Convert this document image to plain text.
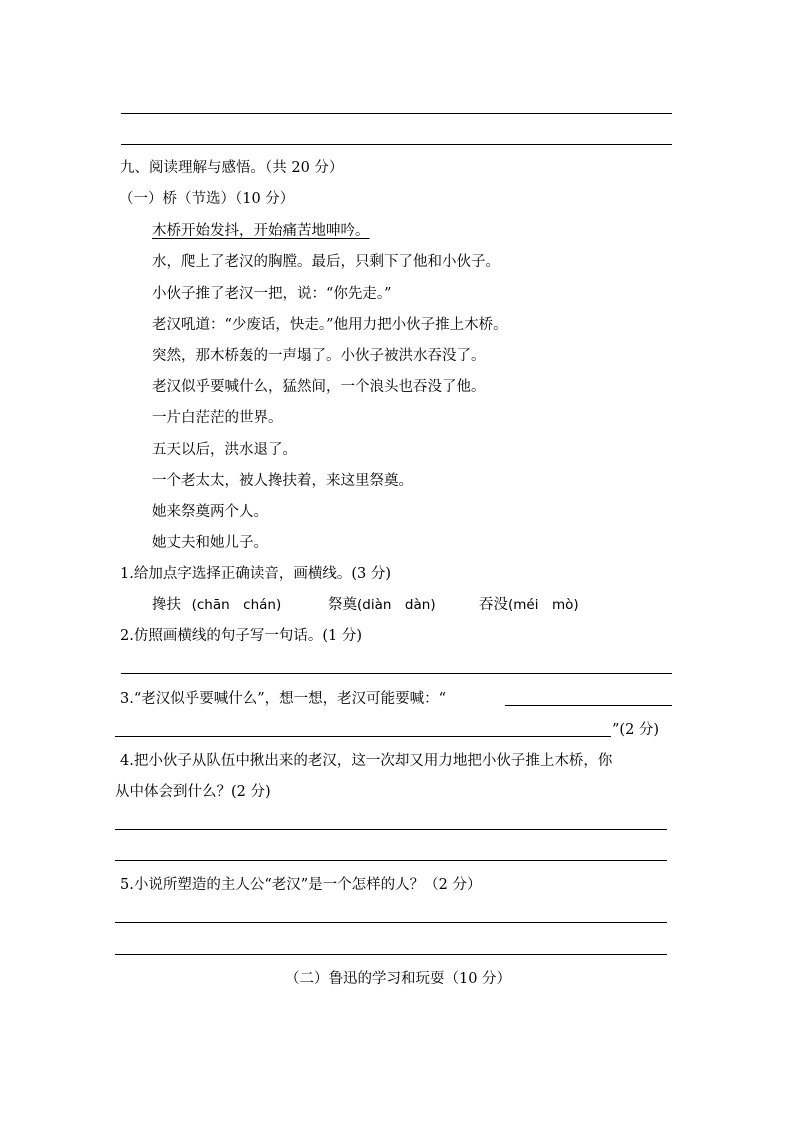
九、阅读理解与感悟。（共 20 分）
（一）桥（节选）（10 分）
木桥开始发抖，开始痛苦地呻吟。
水，爬上了老汉的胸膛。最后，只剩下了他和小伙子。
小伙子推了老汉一把，说：“你先走。”
老汉吼道：“少废话，快走。”他用力把小伙子推上木桥。
突然，那木桥轰的一声塌了。小伙子被洪水吞没了。
老汉似乎要喊什么，猛然间，一个浪头也吞没了他。
一片白茫茫的世界。
五天以后，洪水退了。
一个老太太，被人搀扶着，来这里祭奠。
她来祭奠两个人。
她丈夫和她儿子。
1.给加点字选择正确读音，画横线。(3 分)
搀扶 (chān　chán)	祭奠(diàn　dàn)	吞没(méi　mò)
2.仿照画横线的句子写一句话。(1 分)
3.“老汉似乎要喊什么”，想一想，老汉可能要喊：“
”(2 分)
4.把小伙子从队伍中揪出来的老汉，这一次却又用力地把小伙子推上木桥，你
从中体会到什么？(2 分)
5.小说所塑造的主人公“老汉”是一个怎样的人？（2 分）
（二）鲁迅的学习和玩耍（10 分）
